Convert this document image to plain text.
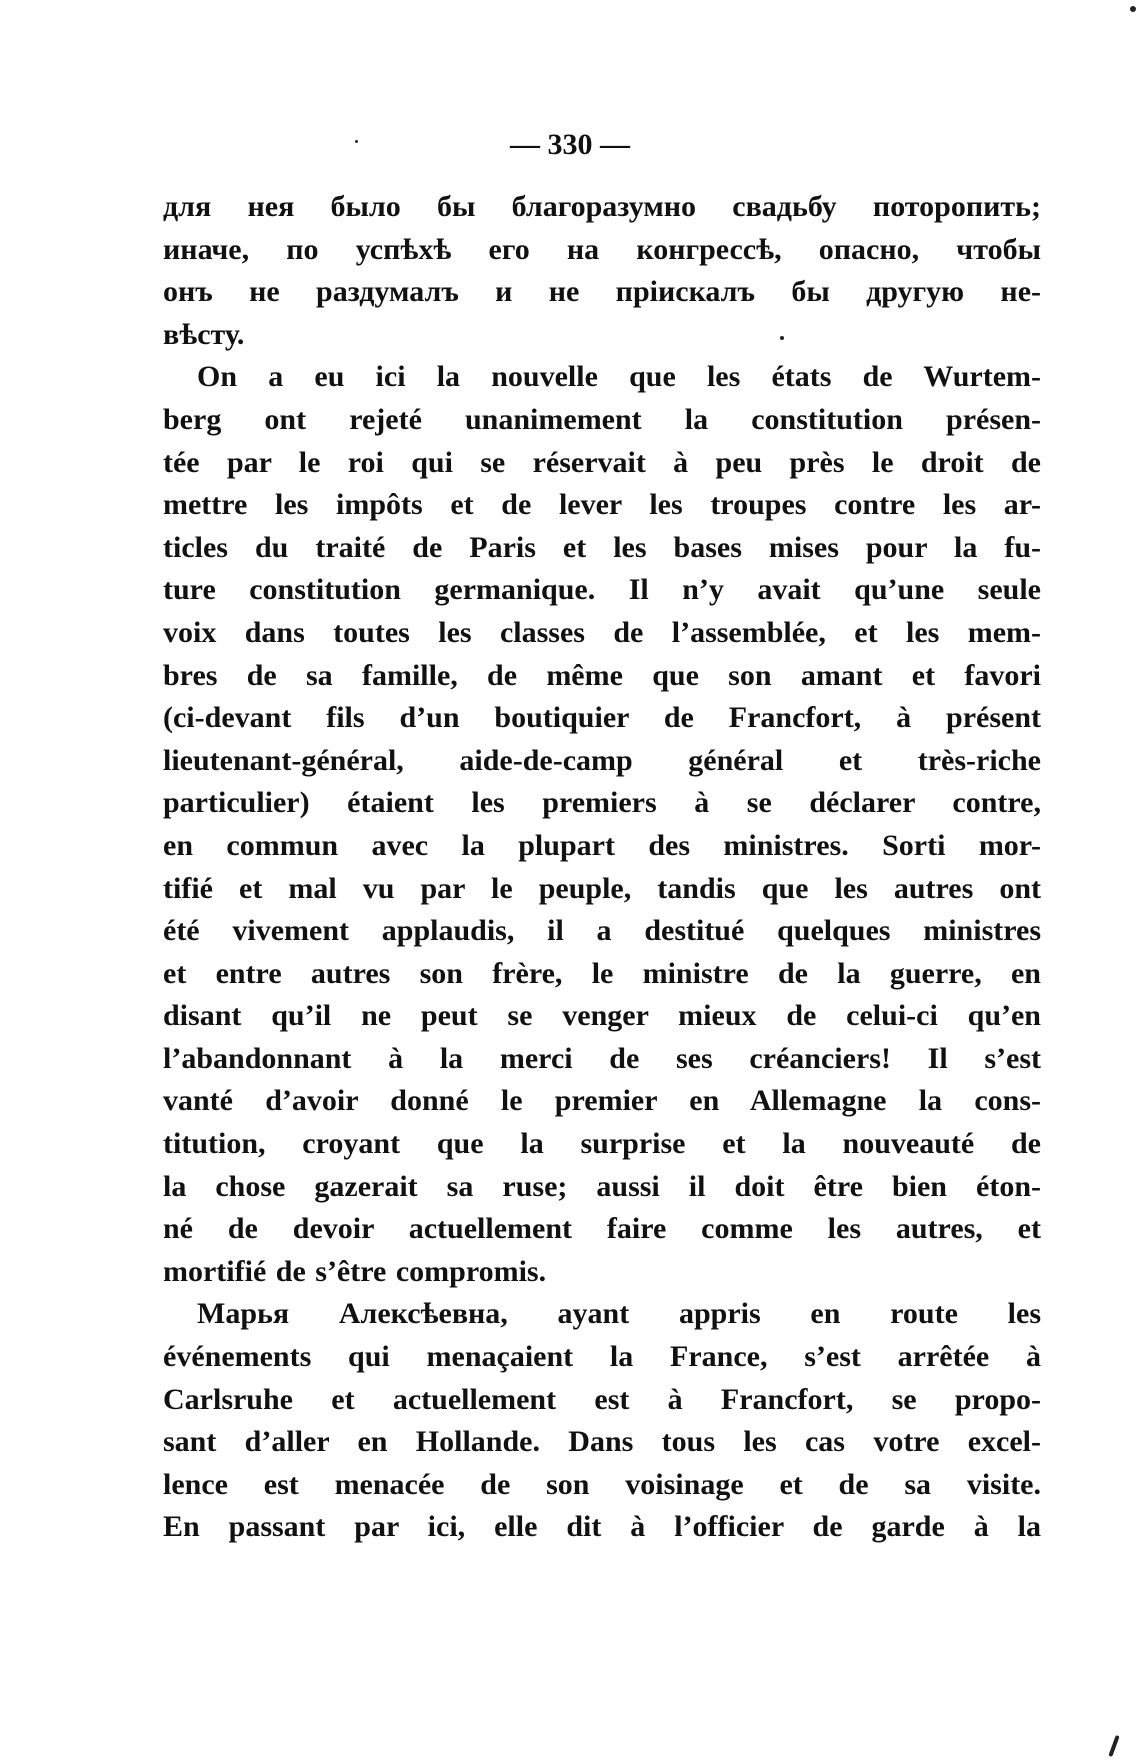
— 330 —
для нея было бы благоразумно свадьбу поторопить;
иначе, по успѣхѣ его на конгрессѣ, опасно, чтобы
онъ не раздумалъ и не прiискалъ бы другую не-
вѣсту.
On a eu ici la nouvelle que les états de Wurtem-
berg ont rejeté unanimement la constitution présen-
tée par le roi qui se réservait à peu près le droit de
mettre les impôts et de lever les troupes contre les ar-
ticles du traité de Paris et les bases mises pour la fu-
ture constitution germanique. Il n’y avait qu’une seule
voix dans toutes les classes de l’assemblée, et les mem-
bres de sa famille, de même que son amant et favori
(ci-devant fils d’un boutiquier de Francfort, à présent
lieutenant-général, aide-de-camp général et très-riche
particulier) étaient les premiers à se déclarer contre,
en commun avec la plupart des ministres. Sorti mor-
tifié et mal vu par le peuple, tandis que les autres ont
été vivement applaudis, il a destitué quelques ministres
et entre autres son frère, le ministre de la guerre, en
disant qu’il ne peut se venger mieux de celui-ci qu’en
l’abandonnant à la merci de ses créanciers! Il s’est
vanté d’avoir donné le premier en Allemagne la cons-
titution, croyant que la surprise et la nouveauté de
la chose gazerait sa ruse; aussi il doit être bien éton-
né de devoir actuellement faire comme les autres, et
mortifié de s’être compromis.
Марья Алексѣевна, ayant appris en route les
événements qui menaçaient la France, s’est arrêtée à
Carlsruhe et actuellement est à Francfort, se propo-
sant d’aller en Hollande. Dans tous les cas votre excel-
lence est menacée de son voisinage et de sa visite.
En passant par ici, elle dit à l’officier de garde à la
